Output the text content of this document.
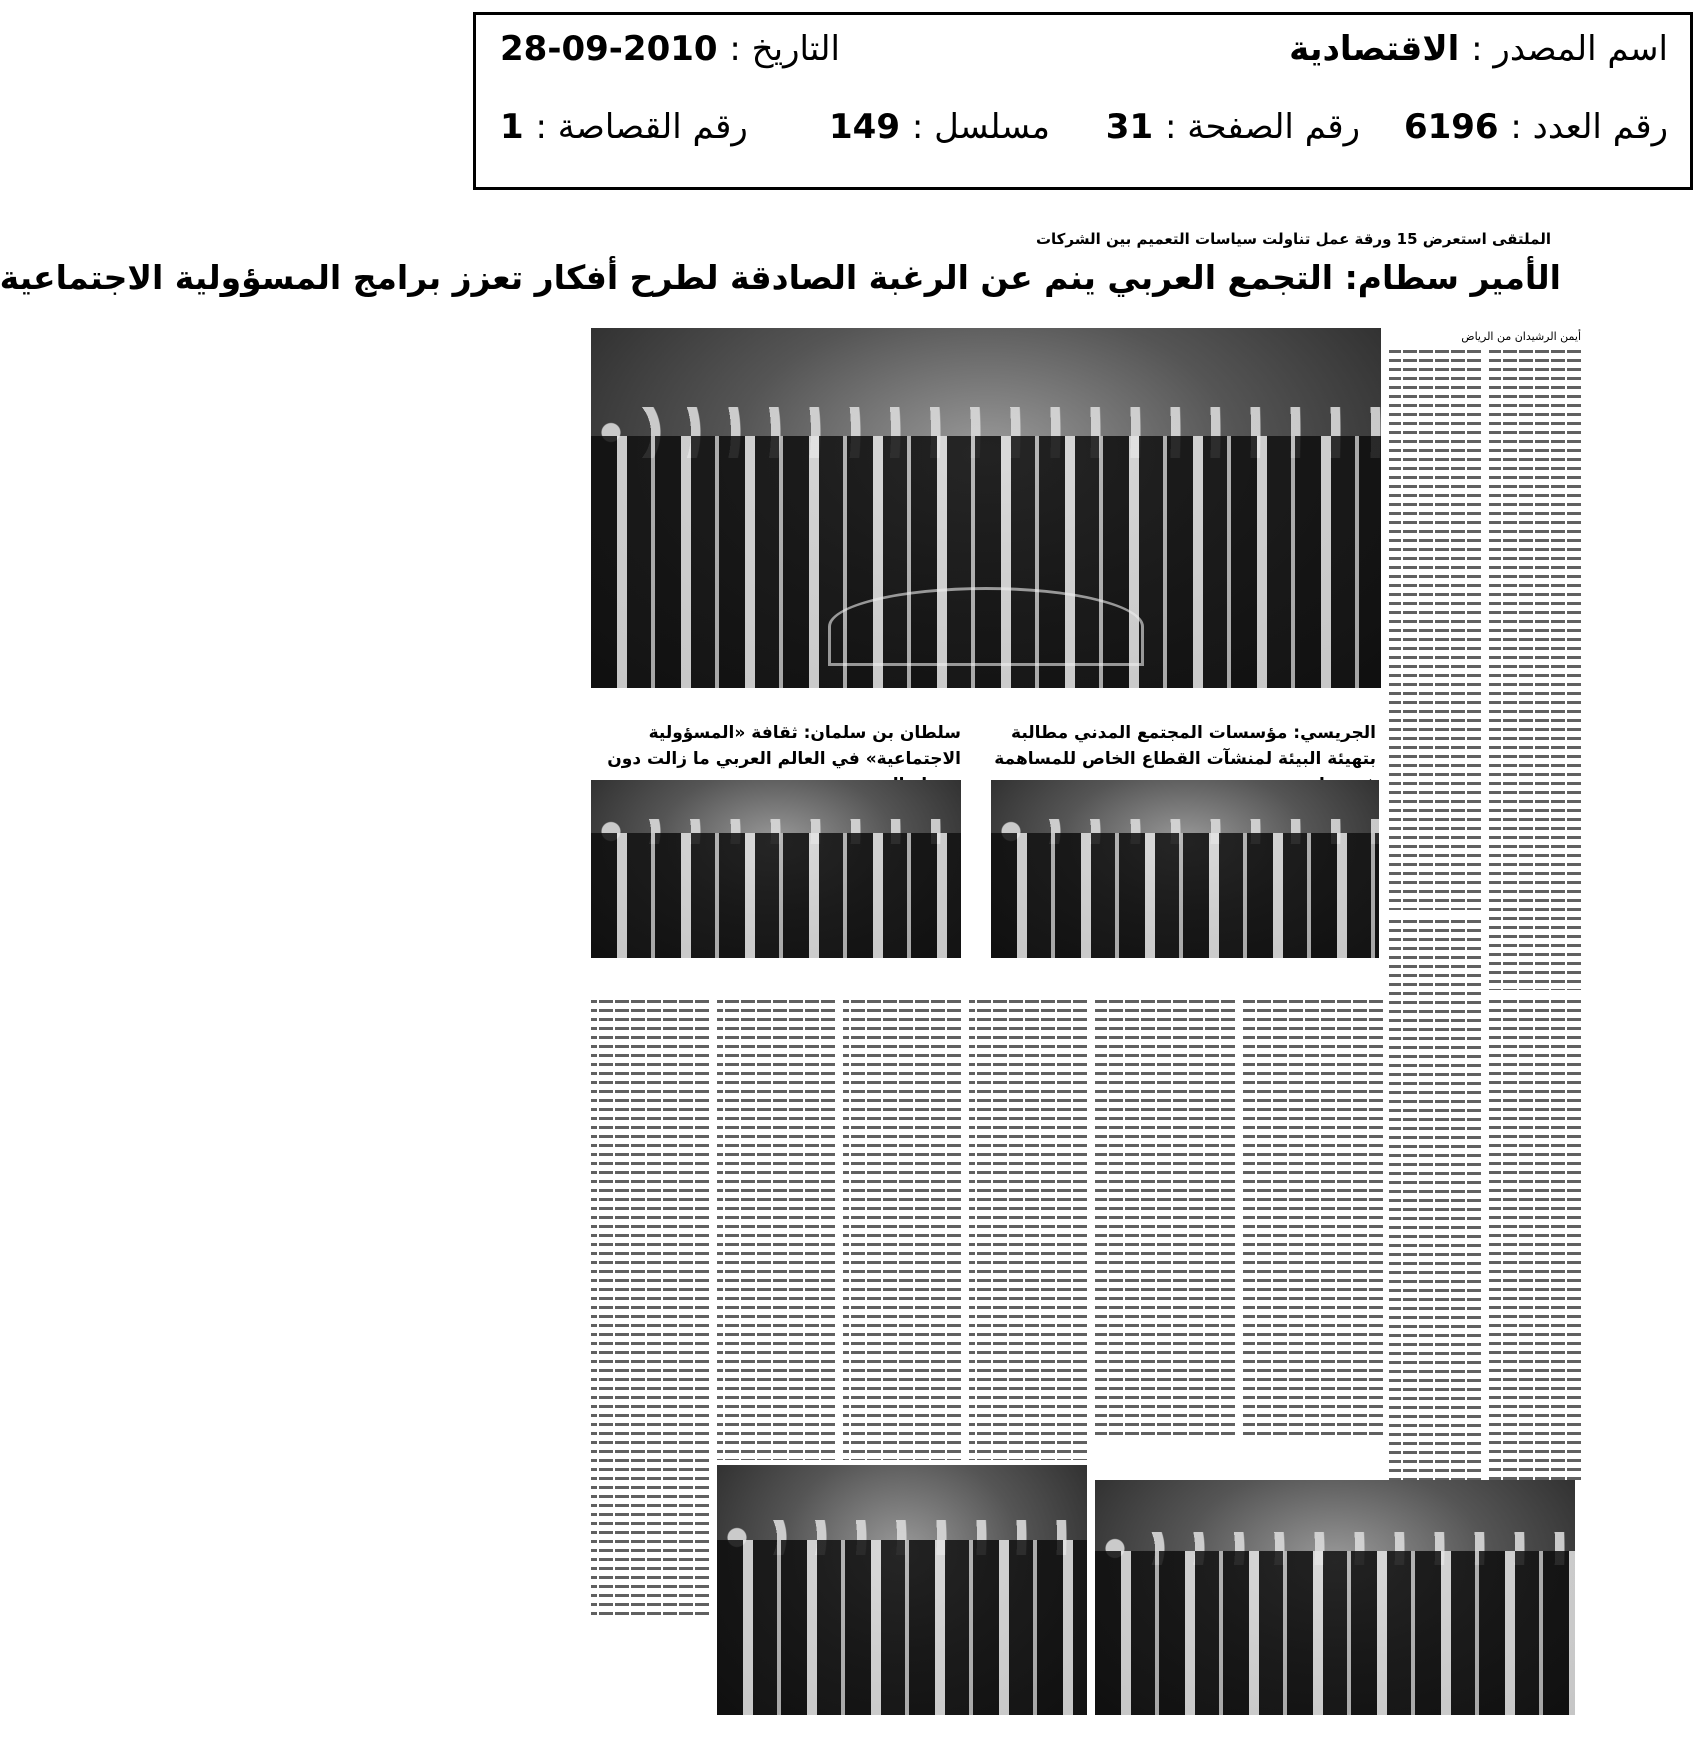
اسم المصدر : الاقتصادية
التاريخ : 2010-09-28
رقم العدد : 6196
رقم الصفحة : 31
مسلسل : 149
رقم القصاصة : 1
الملتقى استعرض 15 ورقة عمل تناولت سياسات التعميم بين الشركات
الأمير سطام: التجمع العربي ينم عن الرغبة الصادقة لطرح أفكار تعزز برامج المسؤولية الاجتماعية
أيمن الرشيدان من الرياض

سلطان بن سلمان: ثقافة «المسؤولية الاجتماعية» في العالم العربي ما زالت دون
الجريسي: مؤسسات المجتمع المدني مطالبة بتهيئة البيئة لمنشآت القطاع الخاص للمساهمة
